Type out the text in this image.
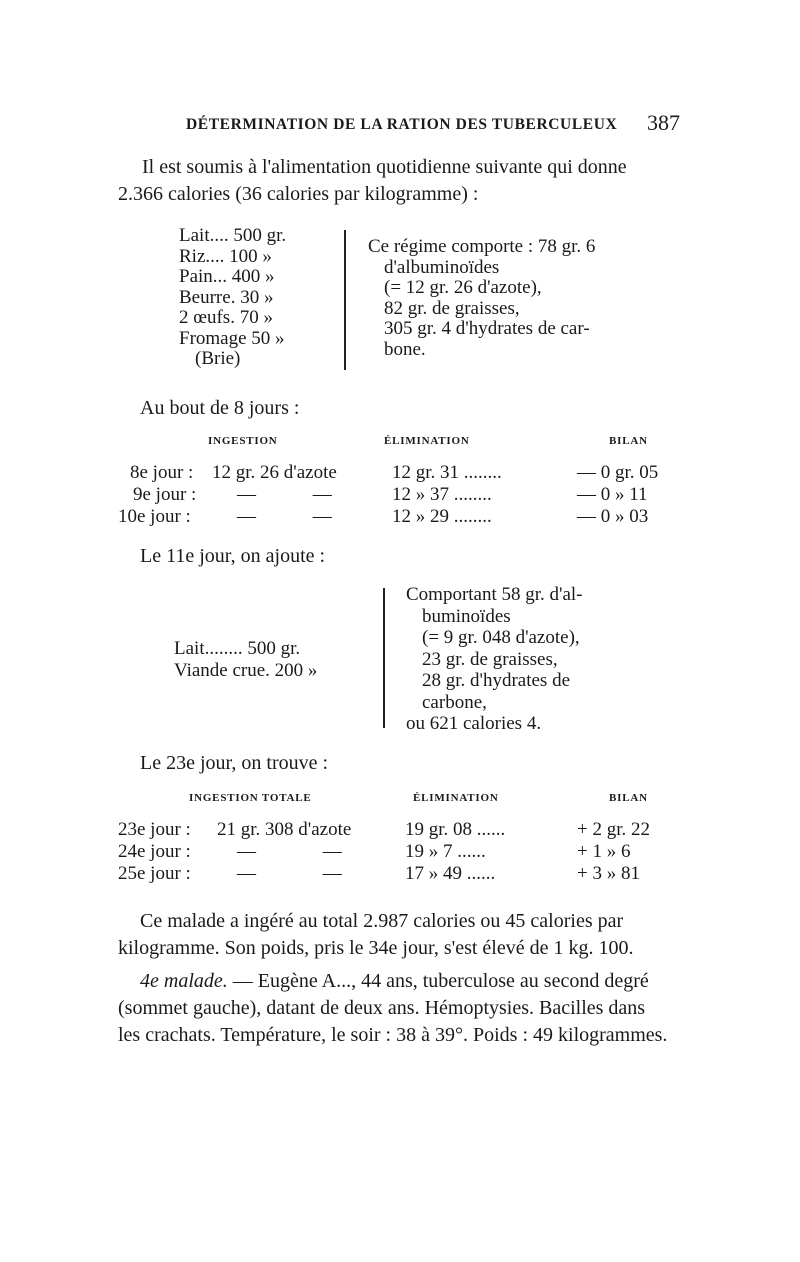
DÉTERMINATION DE LA RATION DES TUBERCULEUX 387
Il est soumis à l'alimentation quotidienne suivante qui donne
2.366 calories (36 calories par kilogramme) :
Lait.... 500 gr.
Riz.... 100 »
Pain... 400 »
Beurre. 30 »
2 œufs. 70 »
Fromage 50 »
(Brie)
Ce régime comporte : 78 gr. 6
d'albuminoïdes
(= 12 gr. 26 d'azote),
82 gr. de graisses,
305 gr. 4 d'hydrates de car-
bone.
Au bout de 8 jours :
INGESTION	ÉLIMINATION	BILAN
8e jour : 12 gr. 26 d'azote	12 gr. 31 ........	— 0 gr. 05
9e jour : — —	12 » 37 ........	— 0 » 11
10e jour : — —	12 » 29 ........	— 0 » 03
Le 11e jour, on ajoute :
Lait........ 500 gr.
Viande crue. 200 »
Comportant 58 gr. d'al-
buminoïdes
(= 9 gr. 048 d'azote),
23 gr. de graisses,
28 gr. d'hydrates de
carbone,
ou 621 calories 4.
Le 23e jour, on trouve :
INGESTION TOTALE	ÉLIMINATION	BILAN
23e jour : 21 gr. 308 d'azote	19 gr. 08 ......	+ 2 gr. 22
24e jour : — —	19 » 7 ......	+ 1 » 6
25e jour : — —	17 » 49 ......	+ 3 » 81
Ce malade a ingéré au total 2.987 calories ou 45 calories par
kilogramme. Son poids, pris le 34e jour, s'est élevé de 1 kg. 100.
4e malade. — Eugène A..., 44 ans, tuberculose au second degré
(sommet gauche), datant de deux ans. Hémoptysies. Bacilles dans
les crachats. Température, le soir : 38 à 39°. Poids : 49 kilogrammes.
